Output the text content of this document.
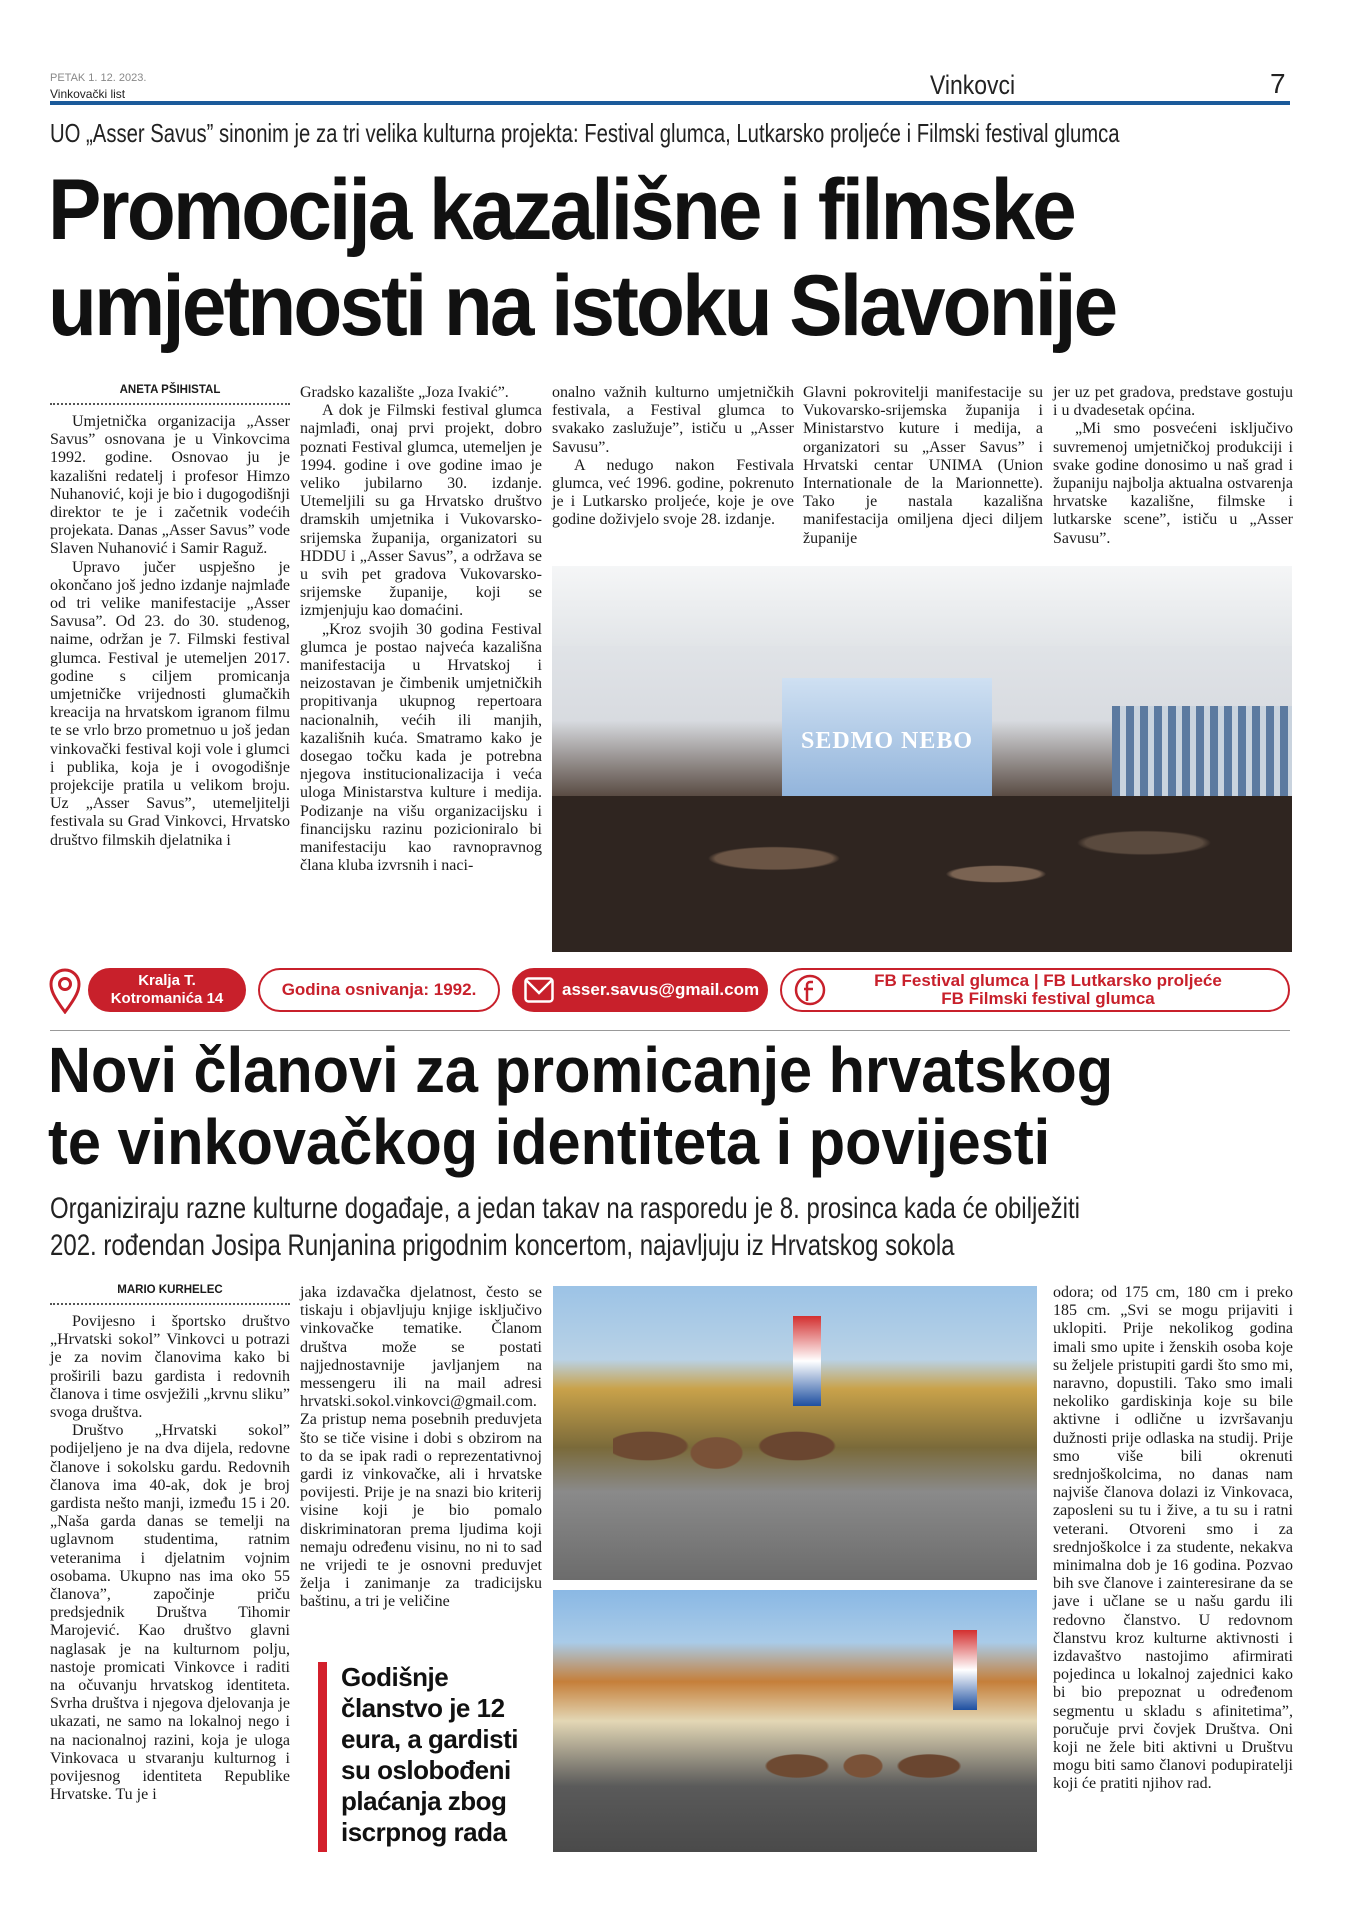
PETAK 1. 12. 2023.
Vinkovački list	Vinkovci	7
UO „Asser Savus” sinonim je za tri velika kulturna projekta: Festival glumca, Lutkarsko proljeće i Filmski festival glumca
Promocija kazališne i filmske
umjetnosti na istoku Slavonije
ANETA PŠIHISTAL

Umjetnička organizacija „Asser Savus” osnovana je u Vinkovcima 1992. godine. Osnovao ju je kazališni redatelj i profesor Himzo Nuhanović, koji je bio i dugogodišnji direktor te je i začetnik vodećih projekata. Danas „Asser Savus” vode Slaven Nuhanović i Samir Raguž.

Upravo jučer uspješno je okončano još jedno izdanje najmlađe od tri velike manifestacije „Asser Savusa”. Od 23. do 30. studenog, naime, održan je 7. Filmski festival glumca. Festival je utemeljen 2017. godine s ciljem promicanja umjetničke vrijednosti glumačkih kreacija na hrvatskom igranom filmu te se vrlo brzo prometnuo u još jedan vinkovački festival koji vole i glumci i publika, koja je i ovogodišnje projekcije pratila u velikom broju. Uz „Asser Savus”, utemeljitelji festivala su Grad Vinkovci, Hrvatsko društvo filmskih djelatnika i

Gradsko kazalište „Joza Ivakić”.

A dok je Filmski festival glumca najmlađi, onaj prvi projekt, dobro poznati Festival glumca, utemeljen je 1994. godine i ove godine imao je veliko jubilarno 30. izdanje. Utemeljili su ga Hrvatsko društvo dramskih umjetnika i Vukovarsko-srijemska županija, organizatori su HDDU i „Asser Savus”, a održava se u svih pet gradova Vukovarsko-srijemske županije, koji se izmjenjuju kao domaćini.

„Kroz svojih 30 godina Festival glumca je postao najveća kazališna manifestacija u Hrvatskoj i neizostavan je čimbenik umjetničkih propitivanja ukupnog repertoara nacionalnih, većih ili manjih, kazališnih kuća. Smatramo kako je dosegao točku kada je potrebna njegova institucionalizacija i veća uloga Ministarstva kulture i medija. Podizanje na višu organizacijsku i financijsku razinu pozicioniralo bi manifestaciju kao ravnopravnog člana kluba izvrsnih i naci-

onalno važnih kulturno umjetničkih festivala, a Festival glumca to svakako zaslužuje”, ističu u „Asser Savusu”.

A nedugo nakon Festivala glumca, već 1996. godine, pokrenuto je i Lutkarsko proljeće, koje je ove godine doživjelo svoje 28. izdanje.

Glavni pokrovitelji manifestacije su Vukovarsko-srijemska županija i Ministarstvo kuture i medija, a organizatori su „Asser Savus” i Hrvatski centar UNIMA (Union Internationale de la Marionnette). Tako je nastala kazališna manifestacija omiljena djeci diljem županije

jer uz pet gradova, predstave gostuju i u dvadesetak općina.

„Mi smo posvećeni isključivo suvremenoj umjetničkoj produkciji i svake godine donosimo u naš grad i županiju najbolja aktualna ostvarenja hrvatske kazališne, filmske i lutkarske scene”, ističu u „Asser Savusu”.

SEDMO NEBO
Kralja T.
Kotromanića 14	Godina osnivanja: 1992.	asser.savus@gmail.com	FB Festival glumca | FB Lutkarsko proljeće
FB Filmski festival glumca
Novi članovi za promicanje hrvatskog
te vinkovačkog identiteta i povijesti
Organiziraju razne kulturne događaje, a jedan takav na rasporedu je 8. prosinca kada će obilježiti
202. rođendan Josipa Runjanina prigodnim koncertom, najavljuju iz Hrvatskog sokola
MARIO KURHELEC

Povijesno i športsko društvo „Hrvatski sokol” Vinkovci u potrazi je za novim članovima kako bi proširili bazu gardista i redovnih članova i time osvježili „krvnu sliku” svoga društva.

Društvo „Hrvatski sokol” podijeljeno je na dva dijela, redovne članove i sokolsku gardu. Redovnih članova ima 40-ak, dok je broj gardista nešto manji, između 15 i 20. „Naša garda danas se temelji na uglavnom studentima, ratnim veteranima i djelatnim vojnim osobama. Ukupno nas ima oko 55 članova”, započinje priču predsjednik Društva Tihomir Marojević. Kao društvo glavni naglasak je na kulturnom polju, nastoje promicati Vinkovce i raditi na očuvanju hrvatskog identiteta. Svrha društva i njegova djelovanja je ukazati, ne samo na lokalnoj nego i na nacionalnoj razini, koja je uloga Vinkovaca u stvaranju kulturnog i povijesnog identiteta Republike Hrvatske. Tu je i

jaka izdavačka djelatnost, često se tiskaju i objavljuju knjige isključivo vinkovačke tematike. Članom društva može se postati najjednostavnije javljanjem na messengeru ili na mail adresi hrvatski.sokol.vinkovci@gmail.com. Za pristup nema posebnih preduvjeta što se tiče visine i dobi s obzirom na to da se ipak radi o reprezentativnoj gardi iz vinkovačke, ali i hrvatske povijesti. Prije je na snazi bio kriterij visine koji je bio pomalo diskriminatoran prema ljudima koji nemaju određenu visinu, no ni to sad ne vrijedi te je osnovni preduvjet želja i zanimanje za tradicijsku baštinu, a tri je veličine

Godišnje članstvo je 12 eura, a gardisti su oslobođeni plaćanja zbog iscrpnog rada

odora; od 175 cm, 180 cm i preko 185 cm. „Svi se mogu prijaviti i uklopiti. Prije nekolikog godina imali smo upite i ženskih osoba koje su željele pristupiti gardi što smo mi, naravno, dopustili. Tako smo imali nekoliko gardiskinja koje su bile aktivne i odlične u izvršavanju dužnosti prije odlaska na studij. Prije smo više bili okrenuti srednjoškolcima, no danas nam najviše članova dolazi iz Vinkovaca, zaposleni su tu i žive, a tu su i ratni veterani. Otvoreni smo i za srednjoškolce i za studente, nekakva minimalna dob je 16 godina. Pozvao bih sve članove i zainteresirane da se jave i učlane se u našu gardu ili redovno članstvo. U redovnom članstvu kroz kulturne aktivnosti i izdavaštvo nastojimo afirmirati pojedinca u lokalnoj zajednici kako bi bio prepoznat u određenom segmentu u skladu s afinitetima”, poručuje prvi čovjek Društva. Oni koji ne žele biti aktivni u Društvu mogu biti samo članovi podupiratelji koji će pratiti njihov rad.
